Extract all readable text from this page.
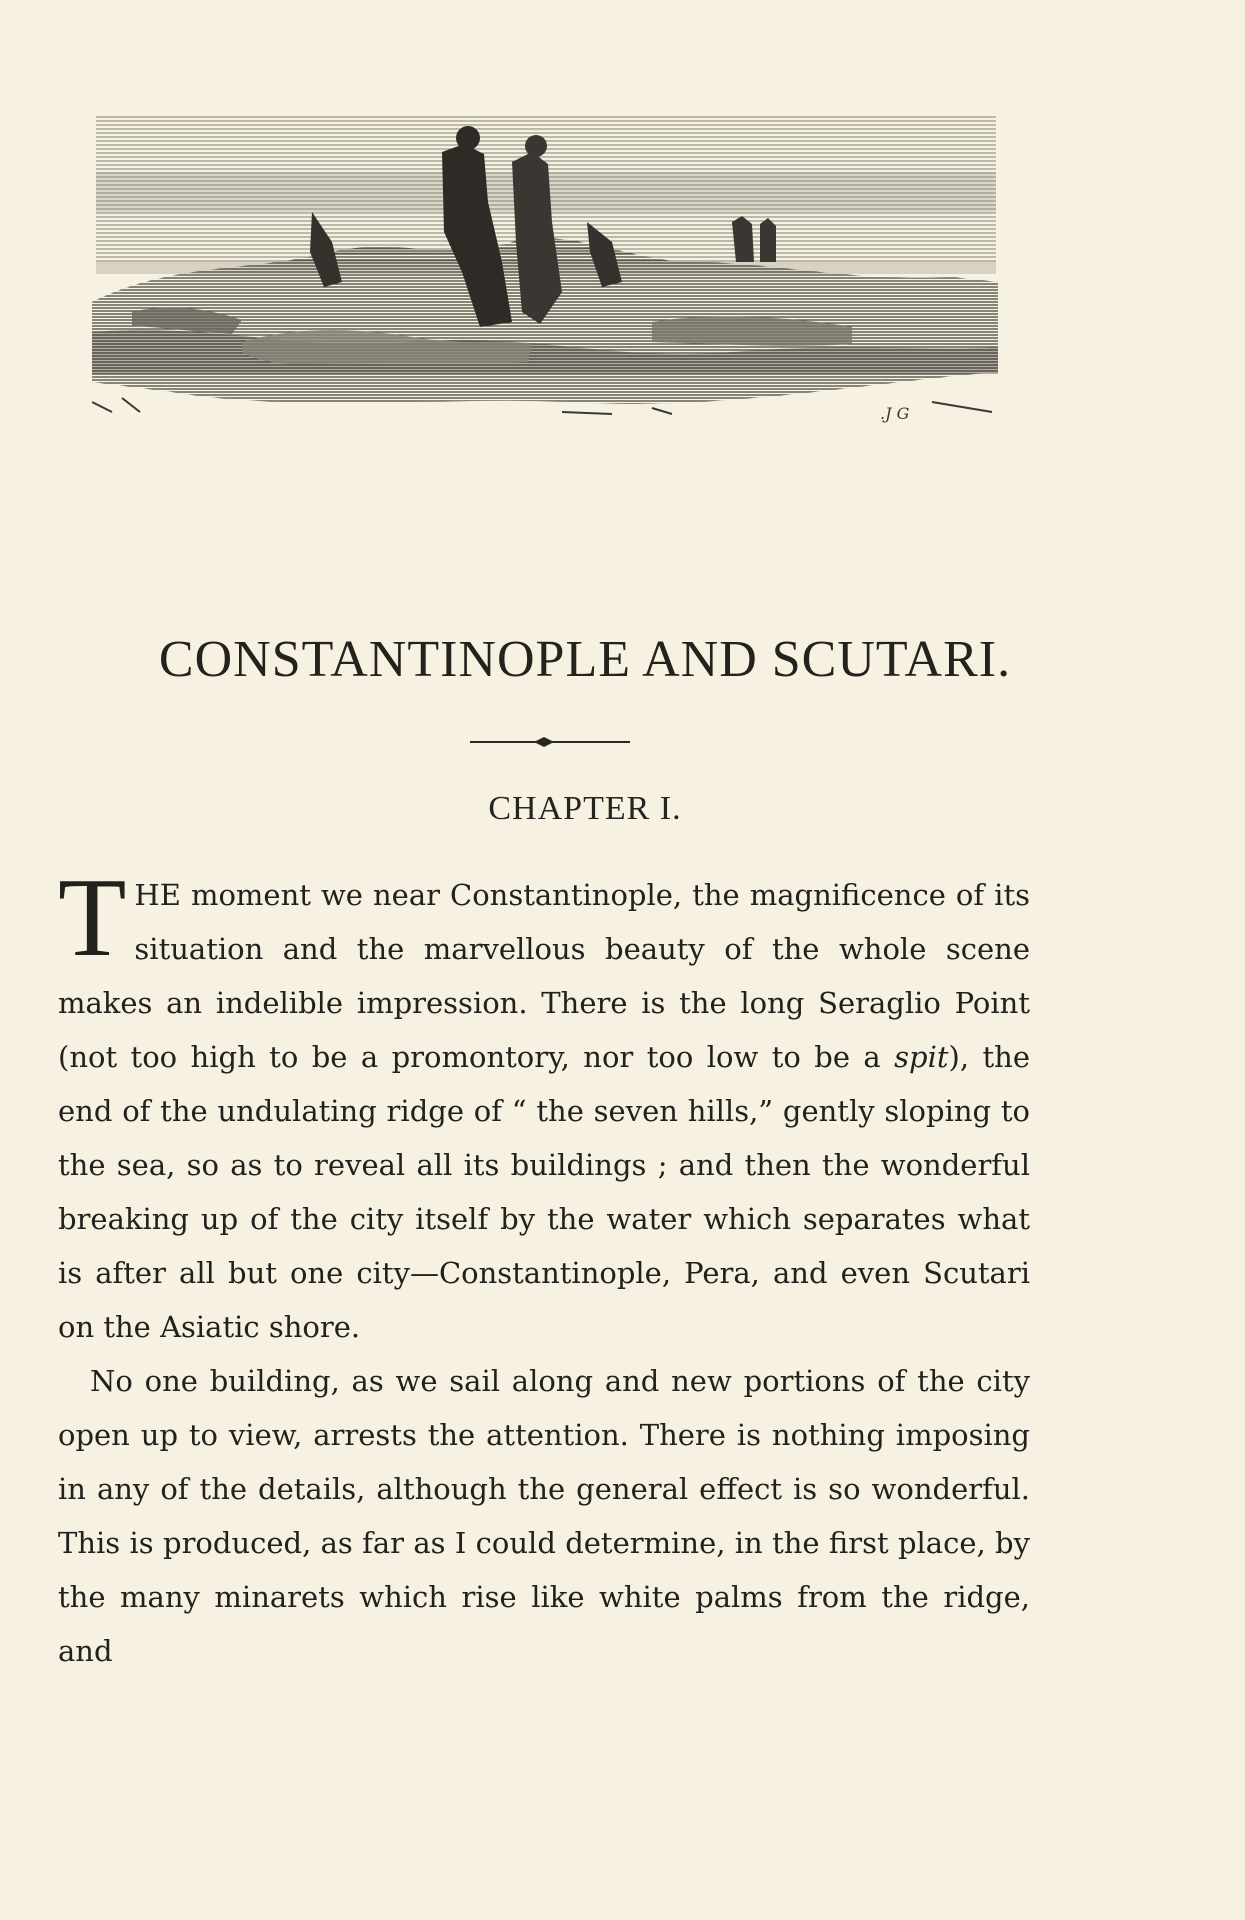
.J G
CONSTANTINOPLE AND SCUTARI.
CHAPTER I.

THE moment we near Constantinople, the magnificence of its situation and the marvellous beauty of the whole scene makes an indelible impression. There is the long Seraglio Point (not too high to be a promontory, nor too low to be a spit), the end of the undulating ridge of “ the seven hills,” gently sloping to the sea, so as to reveal all its buildings ; and then the wonderful breaking up of the city itself by the water which separates what is after all but one city—Constantinople, Pera, and even Scutari on the Asiatic shore.

No one building, as we sail along and new portions of the city open up to view, arrests the attention. There is nothing imposing in any of the details, although the general effect is so wonderful. This is produced, as far as I could determine, in the first place, by the many minarets which rise like white palms from the ridge, and
